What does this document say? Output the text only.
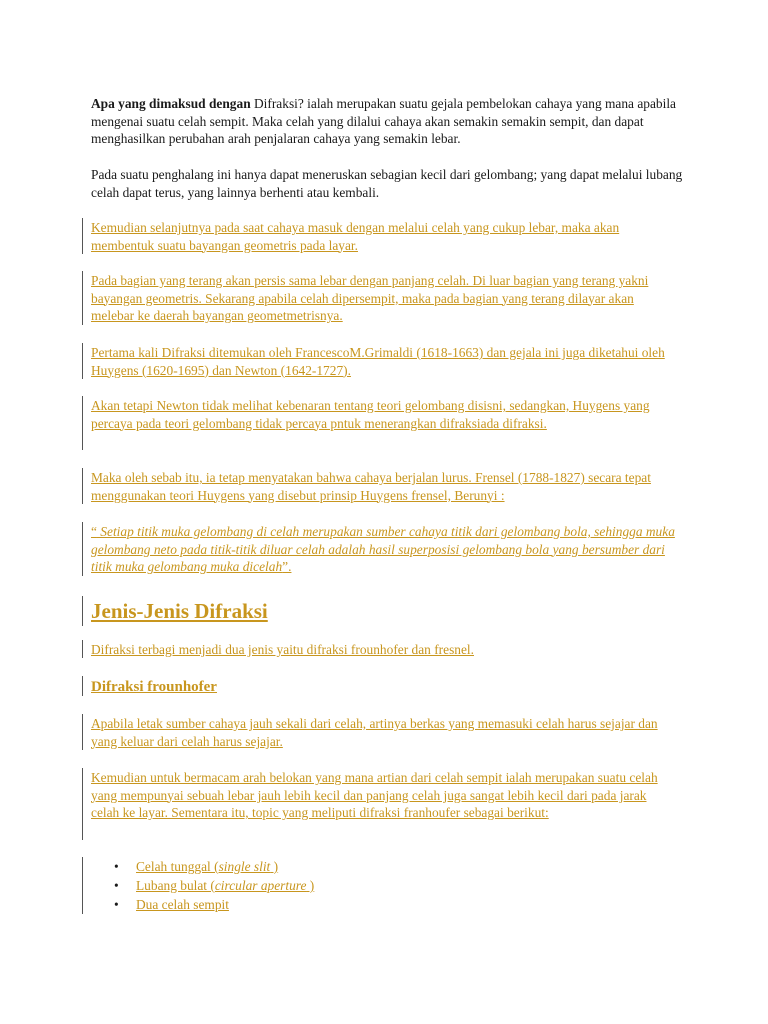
Apa yang dimaksud dengan Difraksi? ialah merupakan suatu gejala pembelokan cahaya yang mana apabila mengenai suatu celah sempit. Maka celah yang dilalui cahaya akan semakin semakin sempit, dan dapat menghasilkan perubahan arah penjalaran cahaya yang semakin lebar.

Pada suatu penghalang ini hanya dapat meneruskan sebagian kecil dari gelombang; yang dapat melalui lubang celah dapat terus, yang lainnya berhenti atau kembali.

Kemudian selanjutnya pada saat cahaya masuk dengan melalui celah yang cukup lebar, maka akan membentuk suatu bayangan geometris pada layar.

Pada bagian yang terang akan persis sama lebar dengan panjang celah. Di luar bagian yang terang yakni bayangan geometris. Sekarang apabila celah dipersempit, maka pada bagian yang terang dilayar akan melebar ke daerah bayangan geometmetrisnya.

Pertama kali Difraksi ditemukan oleh FrancescoM.Grimaldi (1618-1663) dan gejala ini juga diketahui oleh Huygens (1620-1695) dan Newton (1642-1727).

Akan tetapi Newton tidak melihat kebenaran tentang teori gelombang disisni, sedangkan, Huygens yang percaya pada teori gelombang tidak percaya pntuk menerangkan difraksiada difraksi.

Maka oleh sebab itu, ia tetap menyatakan bahwa cahaya berjalan lurus. Frensel (1788-1827) secara tepat menggunakan teori Huygens yang disebut prinsip Huygens frensel, Berunyi :

“ Setiap titik muka gelombang di celah merupakan sumber cahaya titik dari gelombang bola, sehingga muka gelombang neto pada titik-titik diluar celah adalah hasil superposisi gelombang bola yang bersumber dari titik muka gelombang muka dicelah”.

Jenis-Jenis Difraksi

Difraksi terbagi menjadi dua jenis yaitu difraksi frounhofer dan fresnel.

Difraksi frounhofer

Apabila letak sumber cahaya jauh sekali dari celah, artinya berkas yang memasuki celah harus sejajar dan yang keluar dari celah harus sejajar.

Kemudian untuk bermacam arah belokan yang mana artian dari celah sempit ialah merupakan suatu celah yang mempunyai sebuah lebar jauh lebih kecil dan panjang celah juga sangat lebih kecil dari pada jarak celah ke layar. Sementara itu, topic yang meliputi difraksi franhoufer sebagai berikut:

• Celah tunggal (single slit )
• Lubang bulat (circular aperture )
• Dua celah sempit
